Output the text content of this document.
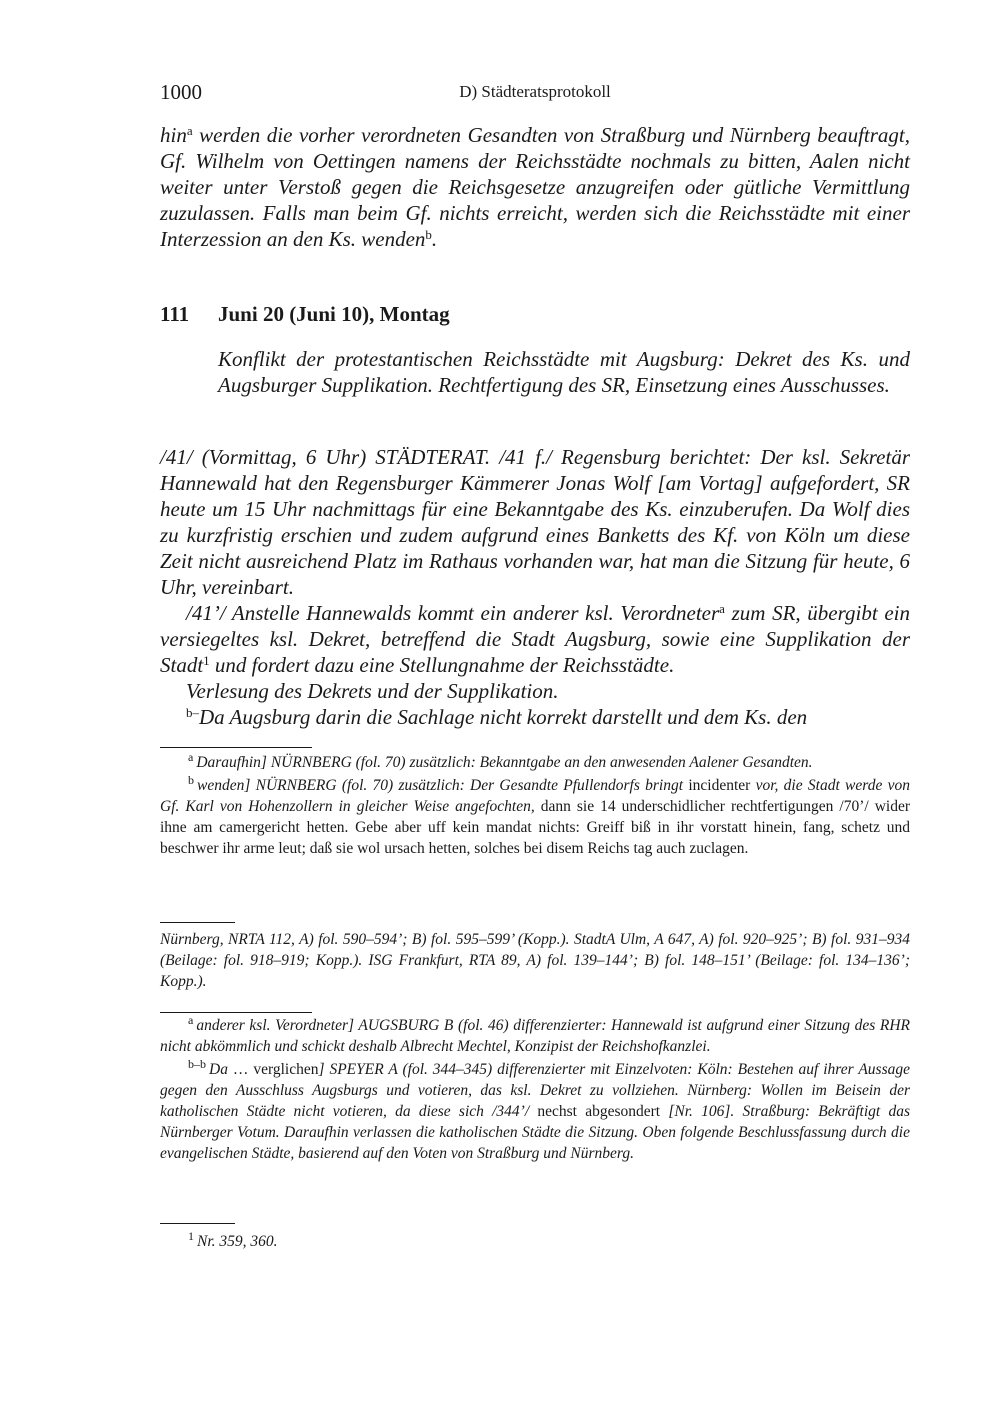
1000	D) Städteratsprotokoll

hin$^a$ werden die vorher verordneten Gesandten von Straßburg und Nürnberg beauftragt, Gf. Wilhelm von Oettingen namens der Reichsstädte nochmals zu bitten, Aalen nicht weiter unter Verstoß gegen die Reichsgesetze anzugreifen oder gütliche Vermittlung zuzulassen. Falls man beim Gf. nichts erreicht, werden sich die Reichsstädte mit einer Interzession an den Ks. wenden$^b$.

111 Juni 20 (Juni 10), Montag
Konflikt der protestantischen Reichsstädte mit Augsburg: Dekret des Ks. und Augsburger Supplikation. Rechtfertigung des SR, Einsetzung eines Ausschusses.

/41/ (Vormittag, 6 Uhr) STÄDTERAT. /41 f./ Regensburg berichtet: Der ksl. Sekretär Hannewald hat den Regensburger Kämmerer Jonas Wolf [am Vortag] aufgefordert, SR heute um 15 Uhr nachmittags für eine Bekanntgabe des Ks. einzuberufen. Da Wolf dies zu kurzfristig erschien und zudem aufgrund eines Banketts des Kf. von Köln um diese Zeit nicht ausreichend Platz im Rathaus vorhanden war, hat man die Sitzung für heute, 6 Uhr, vereinbart.

/41’/ Anstelle Hannewalds kommt ein anderer ksl. Verordneter$^a$ zum SR, übergibt ein versiegeltes ksl. Dekret, betreffend die Stadt Augsburg, sowie eine Supplikation der Stadt$^1$ und fordert dazu eine Stellungnahme der Reichsstädte.

Verlesung des Dekrets und der Supplikation.

$^{b-}$Da Augsburg darin die Sachlage nicht korrekt darstellt und dem Ks. den

$^a$ Daraufhin] NÜRNBERG (fol. 70) zusätzlich: Bekanntgabe an den anwesenden Aalener Gesandten.

$^b$ wenden] NÜRNBERG (fol. 70) zusätzlich: Der Gesandte Pfullendorfs bringt incidenter vor, die Stadt werde von Gf. Karl von Hohenzollern in gleicher Weise angefochten, dann sie 14 underschidlicher rechtfertigungen /70’/ wider ihne am camergericht hetten. Gebe aber uff kein mandat nichts: Greiff biß in ihr vorstatt hinein, fang, schetz und beschwer ihr arme leut; daß sie wol ursach hetten, solches bei disem Reichs tag auch zuclagen.

Nürnberg, NRTA 112, A) fol. 590–594’; B) fol. 595–599’ (Kopp.). StadtA Ulm, A 647, A) fol. 920–925’; B) fol. 931–934 (Beilage: fol. 918–919; Kopp.). ISG Frankfurt, RTA 89, A) fol. 139–144’; B) fol. 148–151’ (Beilage: fol. 134–136’; Kopp.).

$^a$ anderer ksl. Verordneter] AUGSBURG B (fol. 46) differenzierter: Hannewald ist aufgrund einer Sitzung des RHR nicht abkömmlich und schickt deshalb Albrecht Mechtel, Konzipist der Reichshofkanzlei.

$^{b-b}$ Da … verglichen] SPEYER A (fol. 344–345) differenzierter mit Einzelvoten: Köln: Bestehen auf ihrer Aussage gegen den Ausschluss Augsburgs und votieren, das ksl. Dekret zu vollziehen. Nürnberg: Wollen im Beisein der katholischen Städte nicht votieren, da diese sich /344’/ nechst abgesondert [Nr. 106]. Straßburg: Bekräftigt das Nürnberger Votum. Daraufhin verlassen die katholischen Städte die Sitzung. Oben folgende Beschlussfassung durch die evangelischen Städte, basierend auf den Voten von Straßburg und Nürnberg.

$^1$ Nr. 359, 360.
